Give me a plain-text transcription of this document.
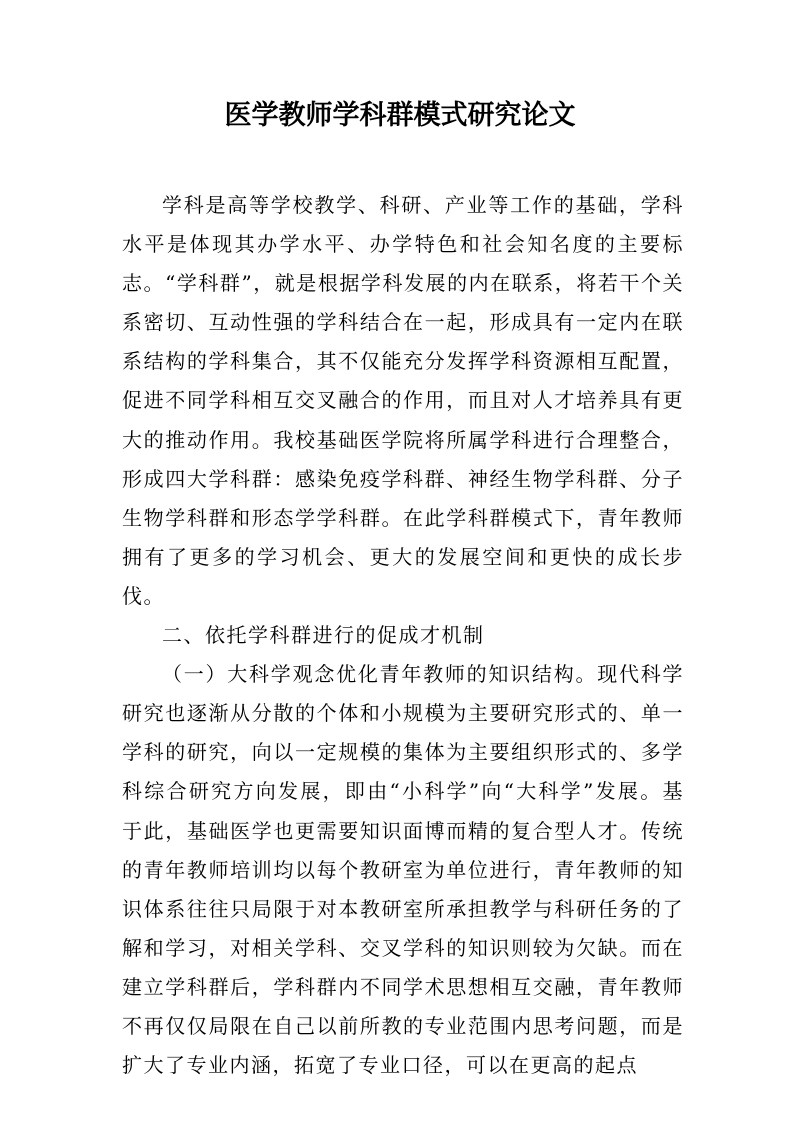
医学教师学科群模式研究论文

学科是高等学校教学、科研、产业等工作的基础，学科水平是体现其办学水平、办学特色和社会知名度的主要标志。“学科群”，就是根据学科发展的内在联系，将若干个关系密切、互动性强的学科结合在一起，形成具有一定内在联系结构的学科集合，其不仅能充分发挥学科资源相互配置，促进不同学科相互交叉融合的作用，而且对人才培养具有更大的推动作用。我校基础医学院将所属学科进行合理整合，形成四大学科群：感染免疫学科群、神经生物学科群、分子生物学科群和形态学学科群。在此学科群模式下，青年教师拥有了更多的学习机会、更大的发展空间和更快的成长步伐。

二、依托学科群进行的促成才机制

（一）大科学观念优化青年教师的知识结构。现代科学研究也逐渐从分散的个体和小规模为主要研究形式的、单一学科的研究，向以一定规模的集体为主要组织形式的、多学科综合研究方向发展，即由“小科学”向“大科学”发展。基于此，基础医学也更需要知识面博而精的复合型人才。传统的青年教师培训均以每个教研室为单位进行，青年教师的知识体系往往只局限于对本教研室所承担教学与科研任务的了解和学习，对相关学科、交叉学科的知识则较为欠缺。而在建立学科群后，学科群内不同学术思想相互交融，青年教师不再仅仅局限在自己以前所教的专业范围内思考问题，而是扩大了专业内涵，拓宽了专业口径，可以在更高的起点
